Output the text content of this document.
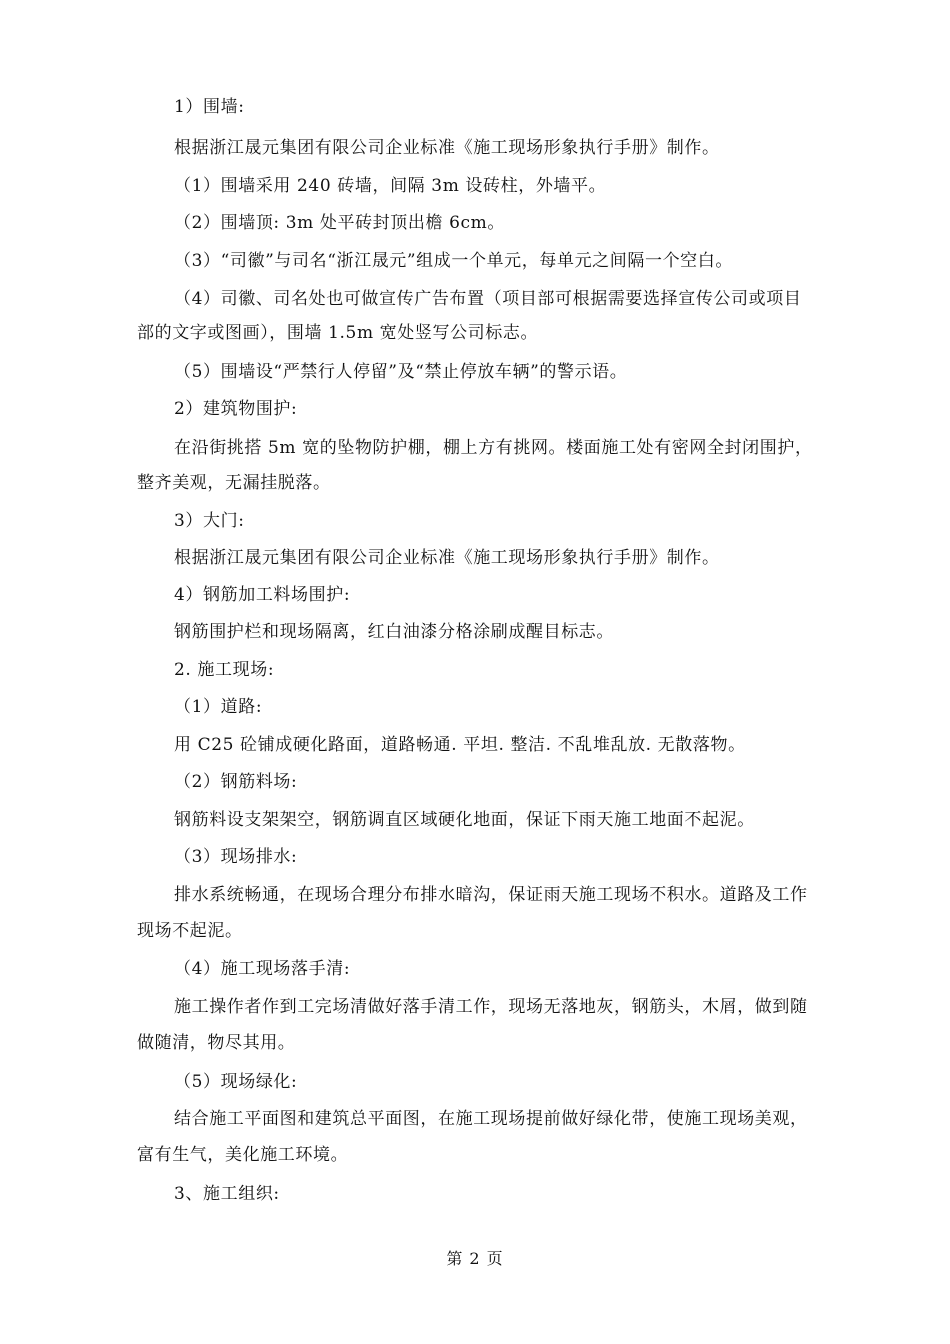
1）围墙:
根据浙江晟元集团有限公司企业标准《施工现场形象执行手册》制作。
（1）围墙采用 240 砖墙，间隔 3m 设砖柱，外墙平。
（2）围墙顶: 3m 处平砖封顶出檐 6cm。
（3）“司徽”与司名“浙江晟元”组成一个单元，每单元之间隔一个空白。
（4）司徽、司名处也可做宣传广告布置（项目部可根据需要选择宣传公司或项目
部的文字或图画），围墙 1.5m 宽处竖写公司标志。
（5）围墙设“严禁行人停留”及“禁止停放车辆”的警示语。
2）建筑物围护:
在沿街挑搭 5m 宽的坠物防护棚，棚上方有挑网。楼面施工处有密网全封闭围护，
整齐美观，无漏挂脱落。
3）大门:
根据浙江晟元集团有限公司企业标准《施工现场形象执行手册》制作。
4）钢筋加工料场围护:
钢筋围护栏和现场隔离，红白油漆分格涂刷成醒目标志。
2. 施工现场:
（1）道路:
用 C25 砼铺成硬化路面，道路畅通. 平坦. 整洁. 不乱堆乱放. 无散落物。
（2）钢筋料场:
钢筋料设支架架空，钢筋调直区域硬化地面，保证下雨天施工地面不起泥。
（3）现场排水:
排水系统畅通，在现场合理分布排水暗沟，保证雨天施工现场不积水。道路及工作
现场不起泥。
（4）施工现场落手清:
施工操作者作到工完场清做好落手清工作，现场无落地灰，钢筋头，木屑，做到随
做随清，物尽其用。
（5）现场绿化:
结合施工平面图和建筑总平面图，在施工现场提前做好绿化带，使施工现场美观，
富有生气，美化施工环境。
3、施工组织:
第 2 页
